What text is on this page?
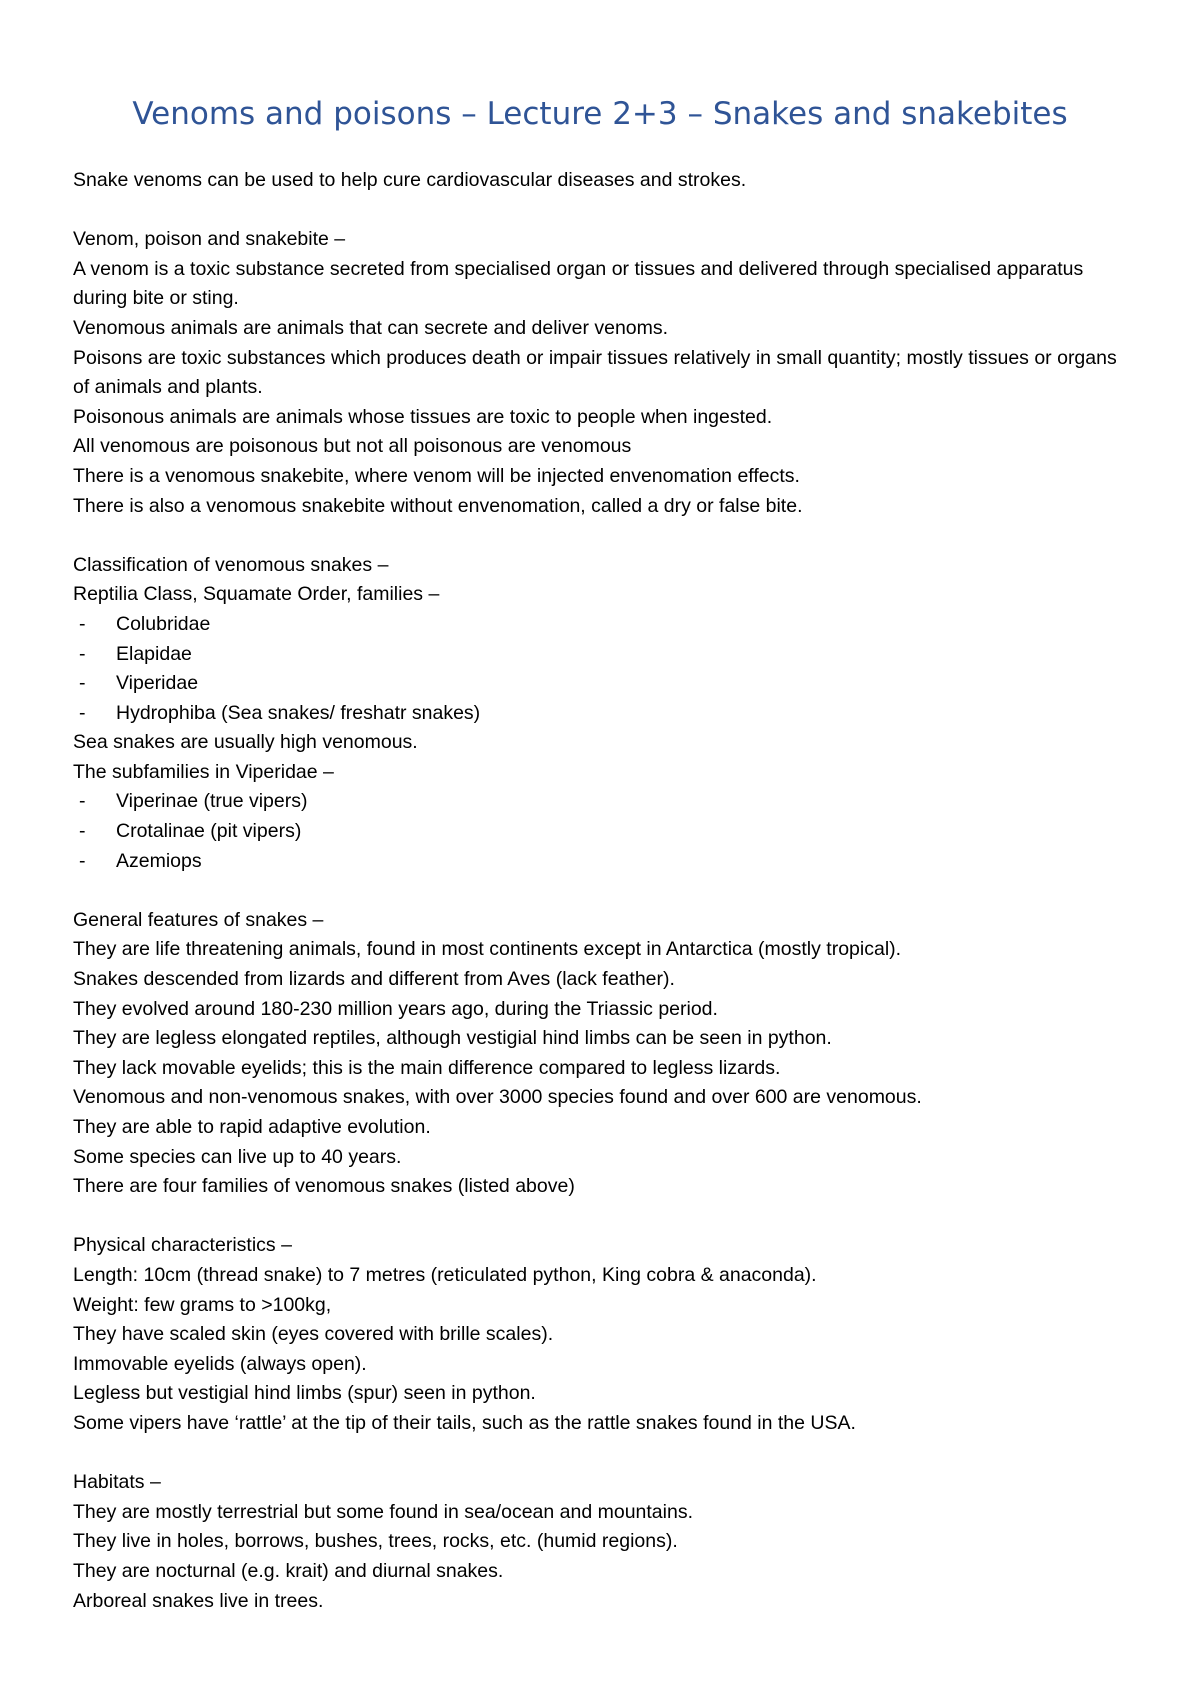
Venoms and poisons – Lecture 2+3 – Snakes and snakebites

Snake venoms can be used to help cure cardiovascular diseases and strokes.

Venom, poison and snakebite –

A venom is a toxic substance secreted from specialised organ or tissues and delivered through specialised apparatus during bite or sting.

Venomous animals are animals that can secrete and deliver venoms.

Poisons are toxic substances which produces death or impair tissues relatively in small quantity; mostly tissues or organs of animals and plants.

Poisonous animals are animals whose tissues are toxic to people when ingested.

All venomous are poisonous but not all poisonous are venomous

There is a venomous snakebite, where venom will be injected envenomation effects.

There is also a venomous snakebite without envenomation, called a dry or false bite.

Classification of venomous snakes –

Reptilia Class, Squamate Order, families –

-	Colubridae
-	Elapidae
-	Viperidae
-	Hydrophiba (Sea snakes/ freshatr snakes)

Sea snakes are usually high venomous.

The subfamilies in Viperidae –

-	Viperinae (true vipers)
-	Crotalinae (pit vipers)
-	Azemiops

General features of snakes –

They are life threatening animals, found in most continents except in Antarctica (mostly tropical).

Snakes descended from lizards and different from Aves (lack feather).

They evolved around 180-230 million years ago, during the Triassic period.

They are legless elongated reptiles, although vestigial hind limbs can be seen in python.

They lack movable eyelids; this is the main difference compared to legless lizards.

Venomous and non-venomous snakes, with over 3000 species found and over 600 are venomous.

They are able to rapid adaptive evolution.

Some species can live up to 40 years.

There are four families of venomous snakes (listed above)

Physical characteristics –

Length: 10cm (thread snake) to 7 metres (reticulated python, King cobra & anaconda).

Weight: few grams to >100kg,

They have scaled skin (eyes covered with brille scales).

Immovable eyelids (always open).

Legless but vestigial hind limbs (spur) seen in python.

Some vipers have ‘rattle’ at the tip of their tails, such as the rattle snakes found in the USA.

Habitats –

They are mostly terrestrial but some found in sea/ocean and mountains.

They live in holes, borrows, bushes, trees, rocks, etc. (humid regions).

They are nocturnal (e.g. krait) and diurnal snakes.

Arboreal snakes live in trees.
